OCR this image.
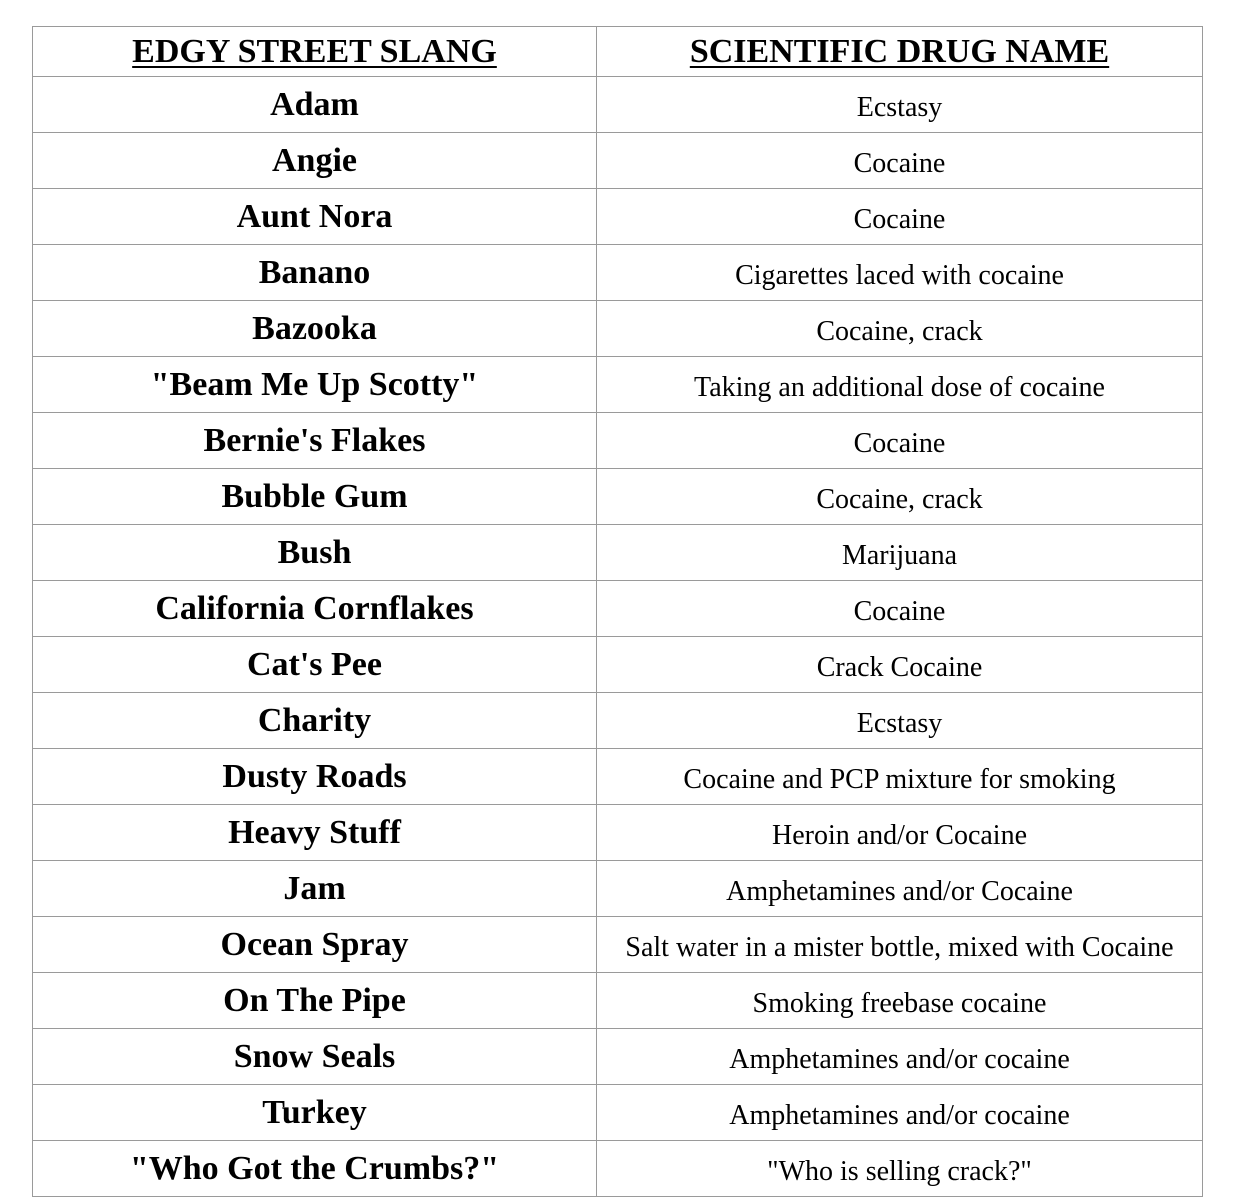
EDGY STREET SLANG	SCIENTIFIC DRUG NAME
Adam	Ecstasy
Angie	Cocaine
Aunt Nora	Cocaine
Banano	Cigarettes laced with cocaine
Bazooka	Cocaine, crack
"Beam Me Up Scotty"	Taking an additional dose of cocaine
Bernie's Flakes	Cocaine
Bubble Gum	Cocaine, crack
Bush	Marijuana
California Cornflakes	Cocaine
Cat's Pee	Crack Cocaine
Charity	Ecstasy
Dusty Roads	Cocaine and PCP mixture for smoking
Heavy Stuff	Heroin and/or Cocaine
Jam	Amphetamines and/or Cocaine
Ocean Spray	Salt water in a mister bottle, mixed with Cocaine
On The Pipe	Smoking freebase cocaine
Snow Seals	Amphetamines and/or cocaine
Turkey	Amphetamines and/or cocaine
"Who Got the Crumbs?"	"Who is selling crack?"
